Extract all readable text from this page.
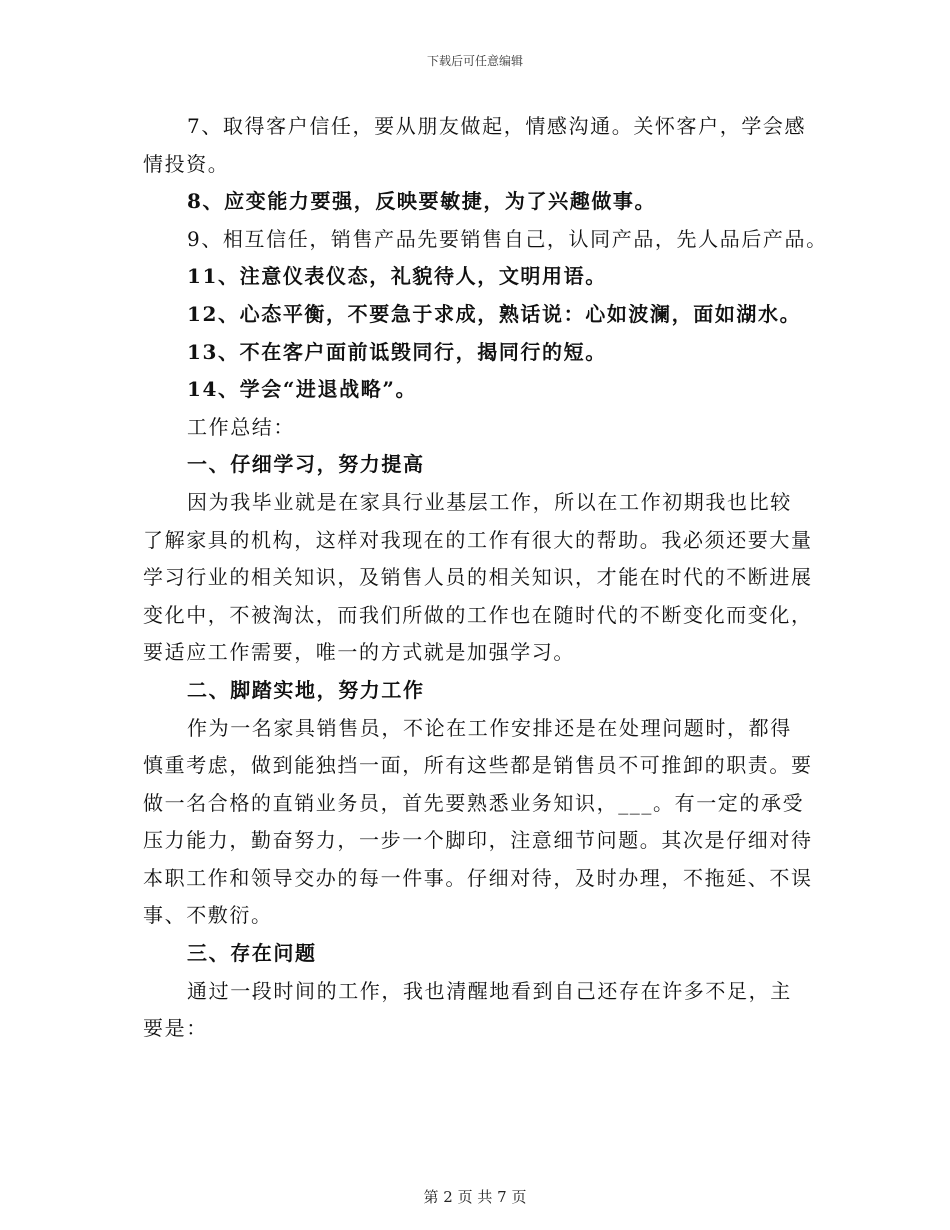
下载后可任意编辑

7、取得客户信任，要从朋友做起，情感沟通。关怀客户，学会感情投资。

8、应变能力要强，反映要敏捷，为了兴趣做事。

9、相互信任，销售产品先要销售自己，认同产品，先人品后产品。

11、注意仪表仪态，礼貌待人，文明用语。

12、心态平衡，不要急于求成，熟话说：心如波澜，面如湖水。

13、不在客户面前诋毁同行，揭同行的短。

14、学会“进退战略”。

工作总结：

一、仔细学习，努力提高

因为我毕业就是在家具行业基层工作，所以在工作初期我也比较了解家具的机构，这样对我现在的工作有很大的帮助。我必须还要大量学习行业的相关知识，及销售人员的相关知识，才能在时代的不断进展变化中，不被淘汰，而我们所做的工作也在随时代的不断变化而变化，要适应工作需要，唯一的方式就是加强学习。

二、脚踏实地，努力工作

作为一名家具销售员，不论在工作安排还是在处理问题时，都得慎重考虑，做到能独挡一面，所有这些都是销售员不可推卸的职责。要做一名合格的直销业务员，首先要熟悉业务知识，___。有一定的承受压力能力，勤奋努力，一步一个脚印，注意细节问题。其次是仔细对待本职工作和领导交办的每一件事。仔细对待，及时办理，不拖延、不误事、不敷衍。

三、存在问题

通过一段时间的工作，我也清醒地看到自己还存在许多不足，主要是：

第 2 页 共 7 页
